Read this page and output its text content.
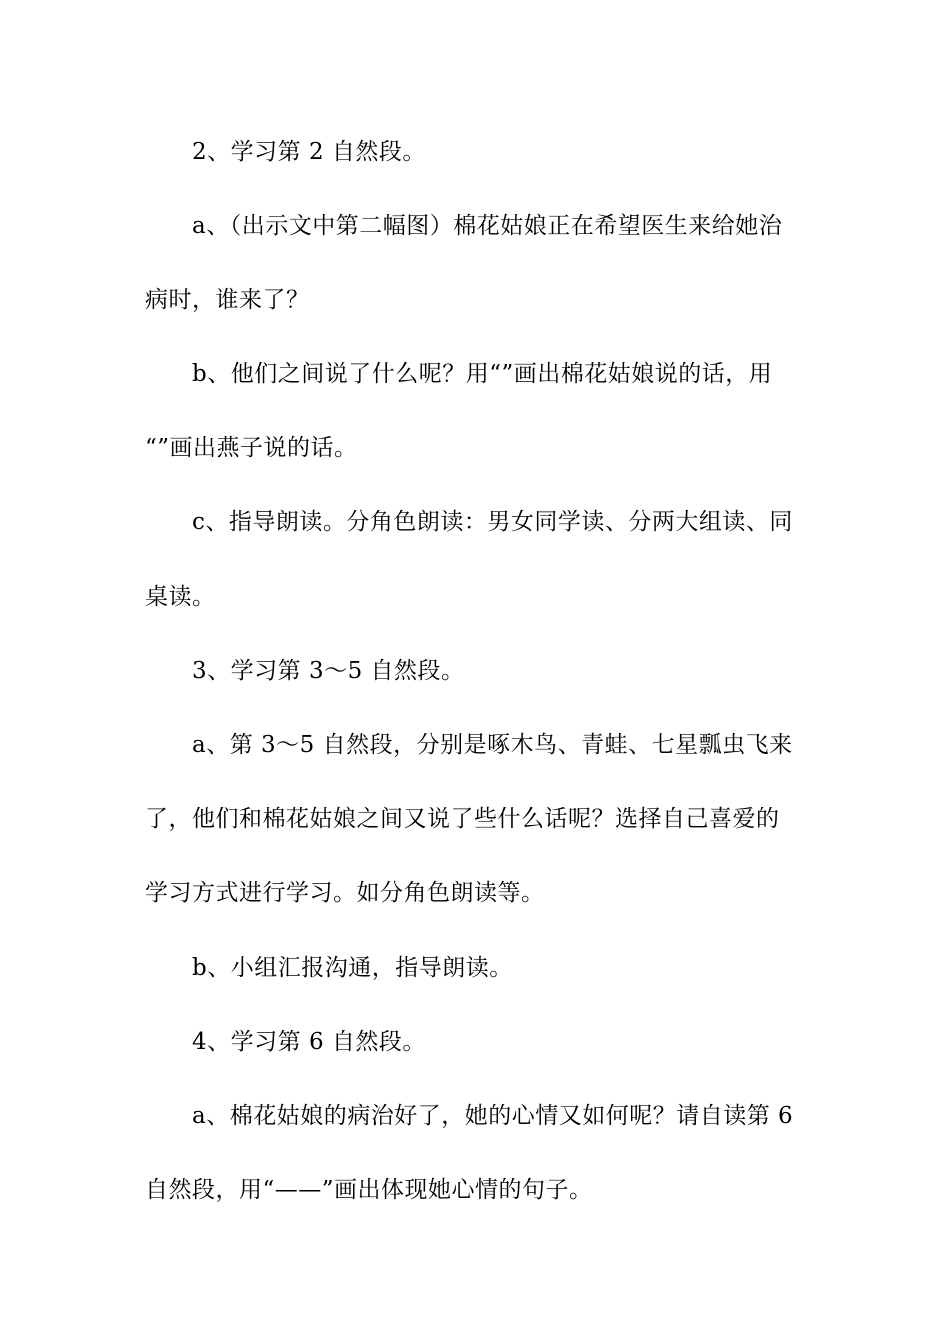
2、学习第 2 自然段。
a、（出示文中第二幅图）棉花姑娘正在希望医生来给她治
病时，谁来了？
b、他们之间说了什么呢？用“”画出棉花姑娘说的话，用
“”画出燕子说的话。
c、指导朗读。分角色朗读：男女同学读、分两大组读、同
桌读。
3、学习第 3～5 自然段。
a、第 3～5 自然段，分别是啄木鸟、青蛙、七星瓢虫飞来
了，他们和棉花姑娘之间又说了些什么话呢？选择自己喜爱的
学习方式进行学习。如分角色朗读等。
b、小组汇报沟通，指导朗读。
4、学习第 6 自然段。
a、棉花姑娘的病治好了，她的心情又如何呢？请自读第 6
自然段，用“——”画出体现她心情的句子。
